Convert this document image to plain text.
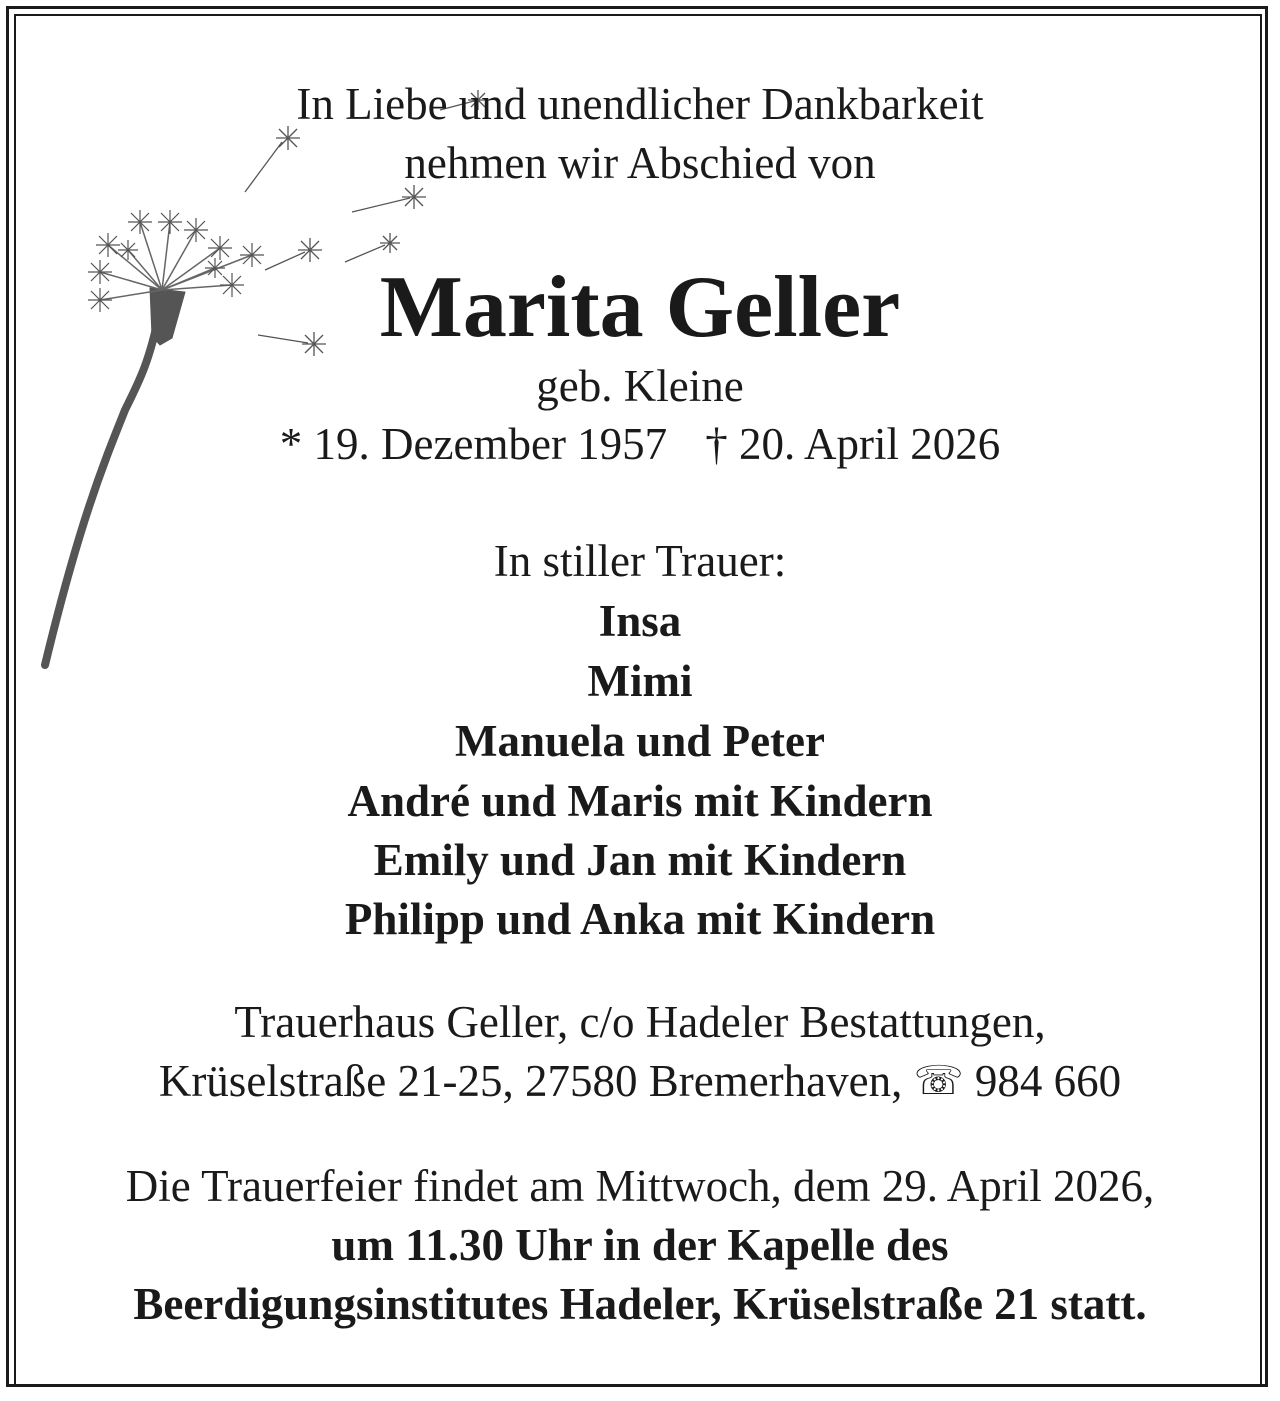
In Liebe und unendlicher Dankbarkeit
nehmen wir Abschied von
Marita Geller
geb. Kleine
* 19. Dezember 1957 † 20. April 2026
In stiller Trauer:
Insa
Mimi
Manuela und Peter
André und Maris mit Kindern
Emily und Jan mit Kindern
Philipp und Anka mit Kindern
Trauerhaus Geller, c/o Hadeler Bestattungen,
Krüselstraße 21-25, 27580 Bremerhaven, ☏ 984 660
Die Trauerfeier findet am Mittwoch, dem 29. April 2026,
um 11.30 Uhr in der Kapelle des
Beerdigungsinstitutes Hadeler, Krüselstraße 21 statt.
